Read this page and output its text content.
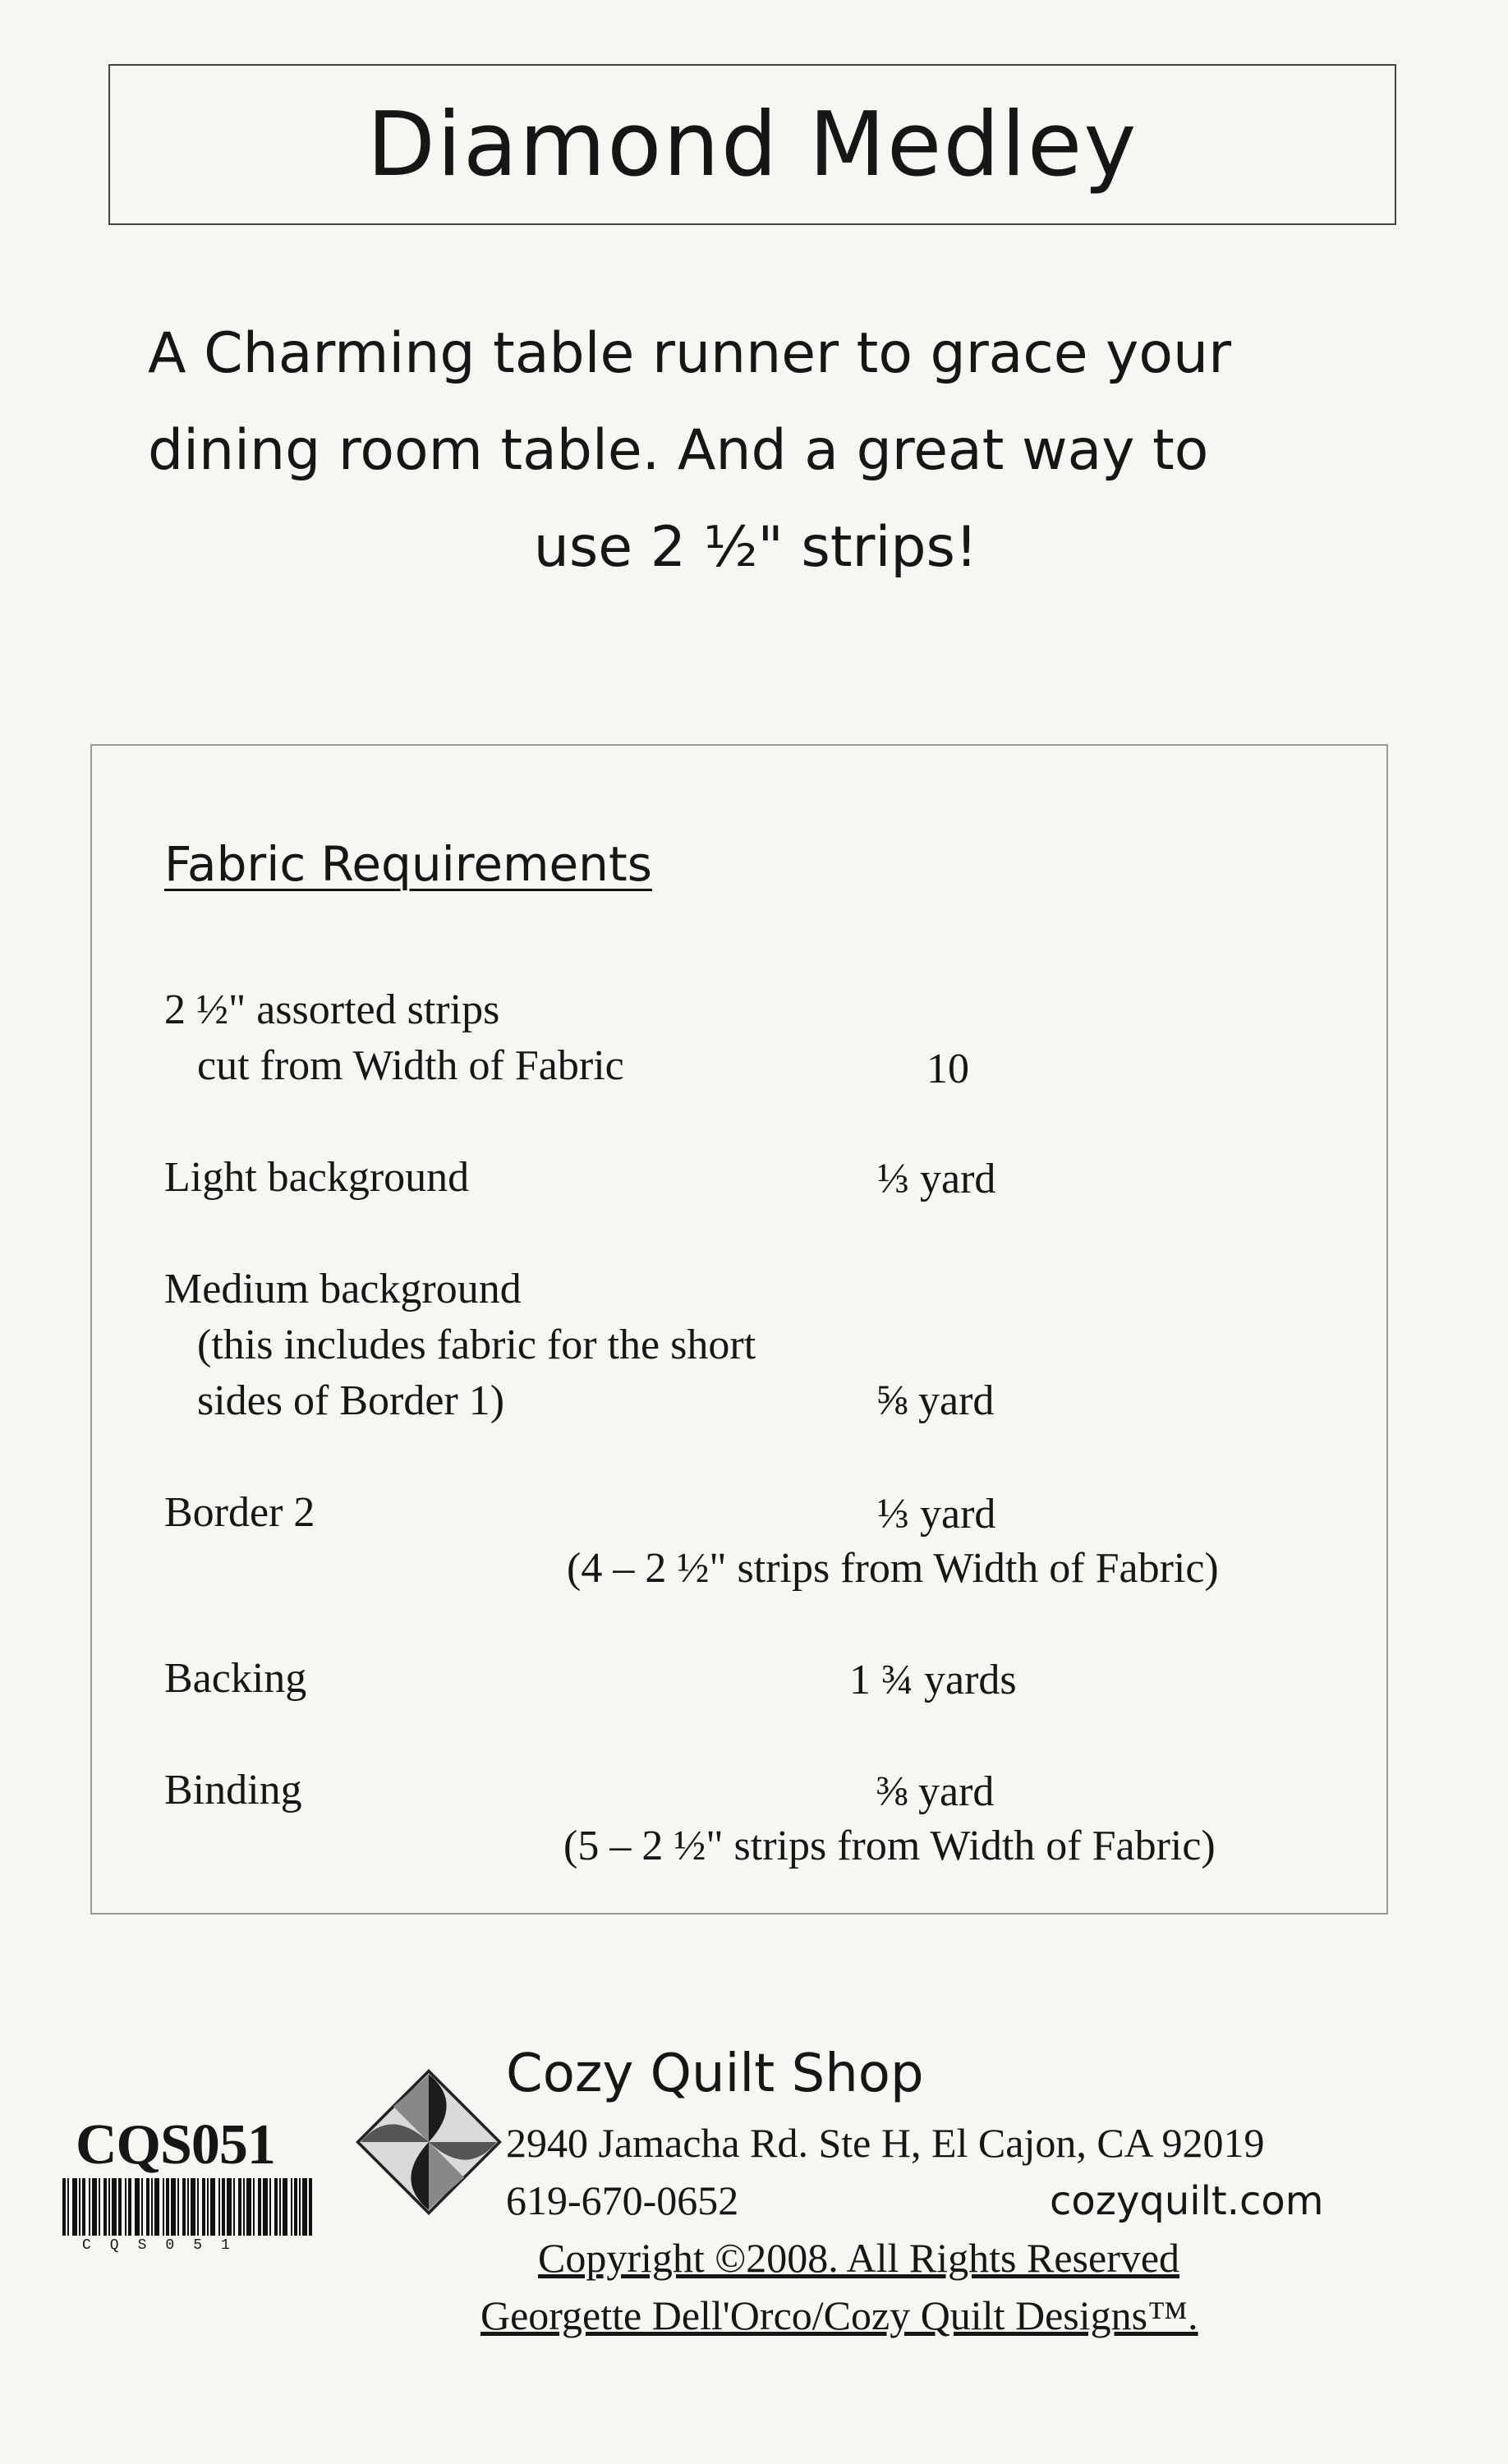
Diamond Medley
A Charming table runner to grace your
dining room table. And a great way to
use 2 ½" strips!
Fabric Requirements
2 ½" assorted strips
cut from Width of Fabric	10
Light background	⅓ yard
Medium background
(this includes fabric for the short
sides of Border 1)	⅝ yard
Border 2	⅓ yard
(4 – 2 ½" strips from Width of Fabric)
Backing	1 ¾ yards
Binding	⅜ yard
(5 – 2 ½" strips from Width of Fabric)
CQS051
CQS051
Cozy Quilt Shop
2940 Jamacha Rd. Ste H, El Cajon, CA 92019
619-670-0652	cozyquilt.com
Copyright ©2008. All Rights Reserved
Georgette Dell'Orco/Cozy Quilt Designs™.
